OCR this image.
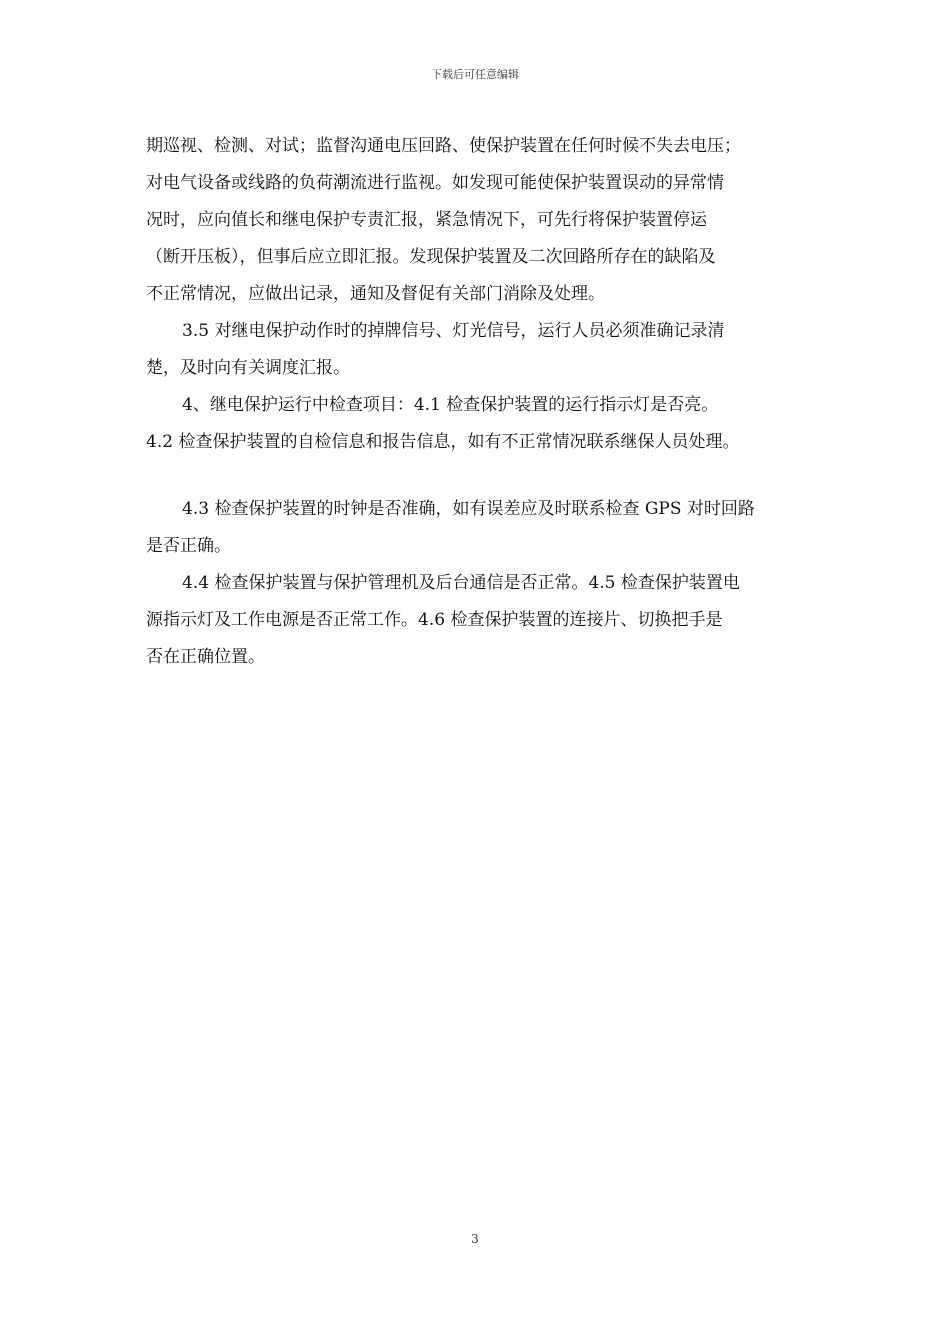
下载后可任意编辑

期巡视、检测、对试；监督沟通电压回路、使保护装置在任何时候不失去电压；

对电气设备或线路的负荷潮流进行监视。如发现可能使保护装置误动的异常情

况时，应向值长和继电保护专责汇报，紧急情况下，可先行将保护装置停运

（断开压板），但事后应立即汇报。发现保护装置及二次回路所存在的缺陷及

不正常情况，应做出记录，通知及督促有关部门消除及处理。

3.5 对继电保护动作时的掉牌信号、灯光信号，运行人员必须准确记录清

楚，及时向有关调度汇报。

4、继电保护运行中检查项目：4.1 检查保护装置的运行指示灯是否亮。

4.2 检查保护装置的自检信息和报告信息，如有不正常情况联系继保人员处理。

4.3 检查保护装置的时钟是否准确，如有误差应及时联系检查 GPS 对时回路

是否正确。

4.4 检查保护装置与保护管理机及后台通信是否正常。4.5 检查保护装置电

源指示灯及工作电源是否正常工作。4.6 检查保护装置的连接片、切换把手是

否在正确位置。

3
